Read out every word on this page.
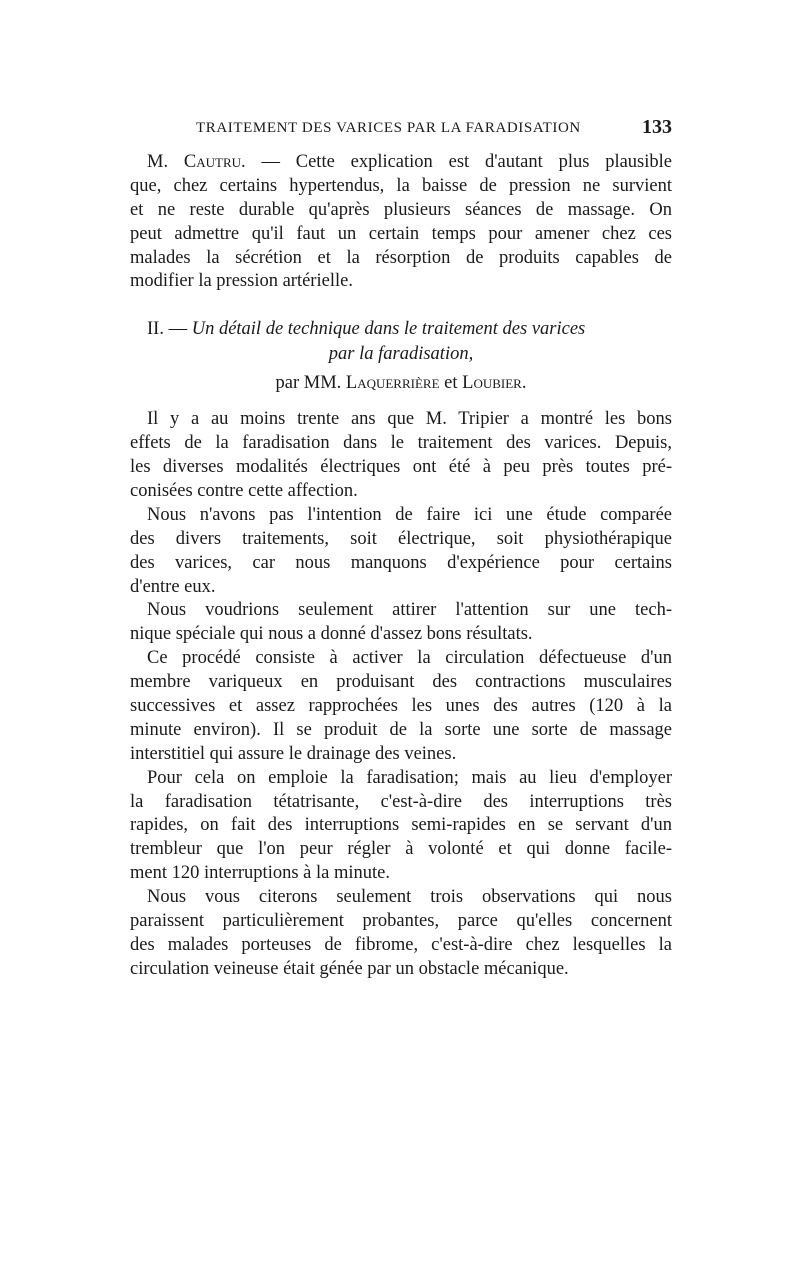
TRAITEMENT DES VARICES PAR LA FARADISATION	133
M. Cautru. — Cette explication est d'autant plus plausible
que, chez certains hypertendus, la baisse de pression ne survient
et ne reste durable qu'après plusieurs séances de massage. On
peut admettre qu'il faut un certain temps pour amener chez ces
malades la sécrétion et la résorption de produits capables de
modifier la pression artérielle.
II. — Un détail de technique dans le traitement des varices
par la faradisation,
par MM. Laquerrière et Loubier.
Il y a au moins trente ans que M. Tripier a montré les bons
effets de la faradisation dans le traitement des varices. Depuis,
les diverses modalités électriques ont été à peu près toutes pré-
conisées contre cette affection.
Nous n'avons pas l'intention de faire ici une étude comparée
des divers traitements, soit électrique, soit physiothérapique
des varices, car nous manquons d'expérience pour certains
d'entre eux.
Nous voudrions seulement attirer l'attention sur une tech-
nique spéciale qui nous a donné d'assez bons résultats.
Ce procédé consiste à activer la circulation défectueuse d'un
membre variqueux en produisant des contractions musculaires
successives et assez rapprochées les unes des autres (120 à la
minute environ). Il se produit de la sorte une sorte de massage
interstitiel qui assure le drainage des veines.
Pour cela on emploie la faradisation; mais au lieu d'employer
la faradisation tétatrisante, c'est-à-dire des interruptions très
rapides, on fait des interruptions semi-rapides en se servant d'un
trembleur que l'on peur régler à volonté et qui donne facile-
ment 120 interruptions à la minute.
Nous vous citerons seulement trois observations qui nous
paraissent particulièrement probantes, parce qu'elles concernent
des malades porteuses de fibrome, c'est-à-dire chez lesquelles la
circulation veineuse était génée par un obstacle mécanique.
